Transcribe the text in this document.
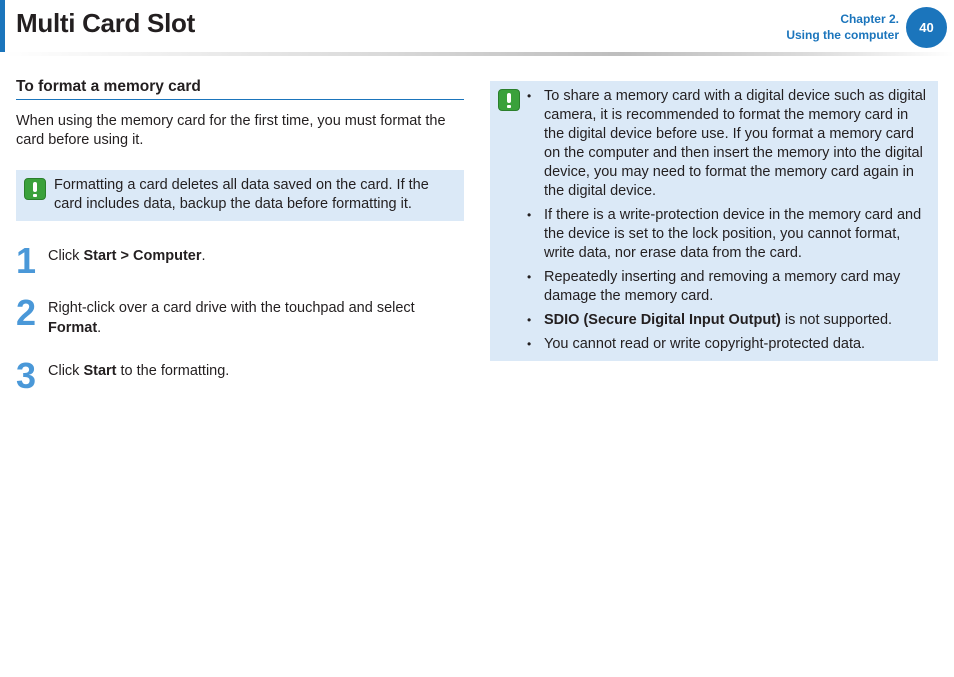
Multi Card Slot	Chapter 2.
Using the computer	40
To format a memory card

When using the memory card for the first time, you must format the card before using it.

Formatting a card deletes all data saved on the card. If the card includes data, backup the data before formatting it.
1 Click Start > Computer.
2 Right-click over a card drive with the touchpad and select Format.
3 Click Start to the formatting.
• To share a memory card with a digital device such as digital camera, it is recommended to format the memory card in the digital device before use. If you format a memory card on the computer and then insert the memory into the digital device, you may need to format the memory card again in the digital device.
• If there is a write-protection device in the memory card and the device is set to the lock position, you cannot format, write data, nor erase data from the card.
• Repeatedly inserting and removing a memory card may damage the memory card.
• SDIO (Secure Digital Input Output) is not supported.
• You cannot read or write copyright-protected data.
